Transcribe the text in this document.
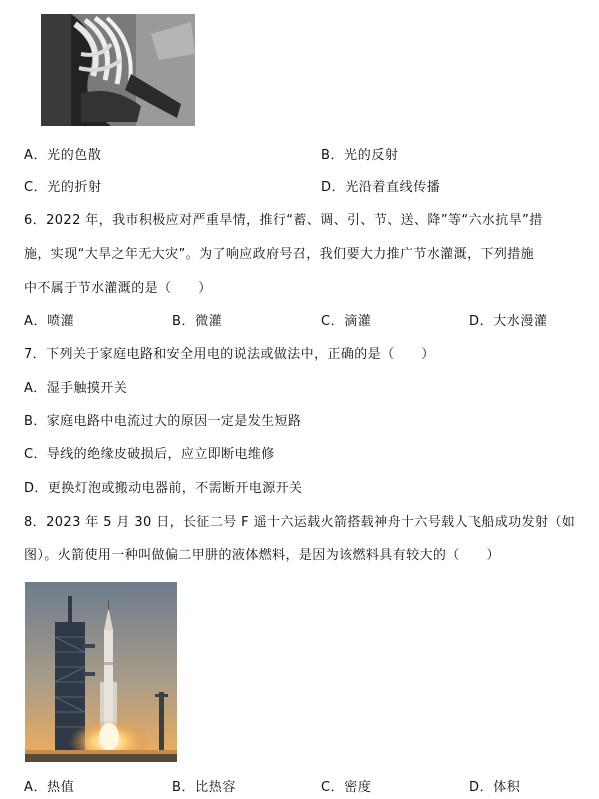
A．光的色散	B．光的反射
C．光的折射	D．光沿着直线传播
6．2022 年，我市积极应对严重旱情，推行“蓄、调、引、节、送、降”等“六水抗旱”措
施，实现“大旱之年无大灾”。为了响应政府号召，我们要大力推广节水灌溉，下列措施
中不属于节水灌溉的是（　　）
A．喷灌	B．微灌	C．滴灌	D．大水漫灌
7．下列关于家庭电路和安全用电的说法或做法中，正确的是（　　）
A．湿手触摸开关
B．家庭电路中电流过大的原因一定是发生短路
C．导线的绝缘皮破损后，应立即断电维修
D．更换灯泡或搬动电器前，不需断开电源开关
8．2023 年 5 月 30 日，长征二号 F 遥十六运载火箭搭载神舟十六号载人飞船成功发射（如
图）。火箭使用一种叫做偏二甲肼的液体燃料，是因为该燃料具有较大的（　　）
A．热值	B．比热容	C．密度	D．体积
